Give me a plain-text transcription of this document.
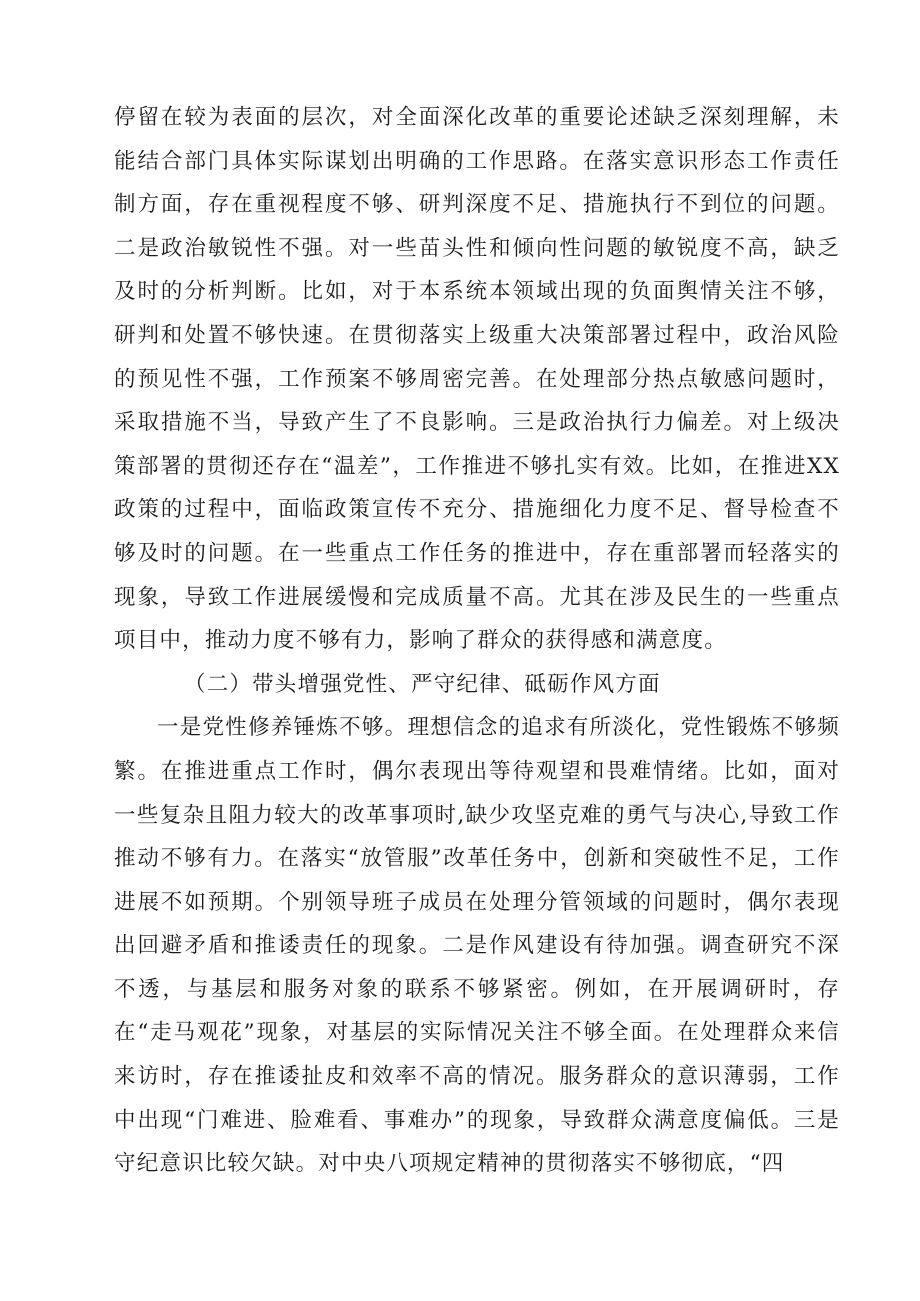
停留在较为表面的层次，对全面深化改革的重要论述缺乏深刻理解，未能结合部门具体实际谋划出明确的工作思路。在落实意识形态工作责任制方面，存在重视程度不够、研判深度不足、措施执行不到位的问题。二是政治敏锐性不强。对一些苗头性和倾向性问题的敏锐度不高，缺乏及时的分析判断。比如，对于本系统本领域出现的负面舆情关注不够，研判和处置不够快速。在贯彻落实上级重大决策部署过程中，政治风险的预见性不强，工作预案不够周密完善。在处理部分热点敏感问题时，采取措施不当，导致产生了不良影响。三是政治执行力偏差。对上级决策部署的贯彻还存在“温差”，工作推进不够扎实有效。比如，在推进XX政策的过程中，面临政策宣传不充分、措施细化力度不足、督导检查不够及时的问题。在一些重点工作任务的推进中，存在重部署而轻落实的现象，导致工作进展缓慢和完成质量不高。尤其在涉及民生的一些重点项目中，推动力度不够有力，影响了群众的获得感和满意度。

（二）带头增强党性、严守纪律、砥砺作风方面

一是党性修养锤炼不够。理想信念的追求有所淡化，党性锻炼不够频繁。在推进重点工作时，偶尔表现出等待观望和畏难情绪。比如，面对一些复杂且阻力较大的改革事项时,缺少攻坚克难的勇气与决心,导致工作推动不够有力。在落实“放管服”改革任务中，创新和突破性不足，工作进展不如预期。个别领导班子成员在处理分管领域的问题时，偶尔表现出回避矛盾和推诿责任的现象。二是作风建设有待加强。调查研究不深不透，与基层和服务对象的联系不够紧密。例如，在开展调研时，存在“走马观花”现象，对基层的实际情况关注不够全面。在处理群众来信来访时，存在推诿扯皮和效率不高的情况。服务群众的意识薄弱，工作中出现“门难进、脸难看、事难办”的现象，导致群众满意度偏低。三是守纪意识比较欠缺。对中央八项规定精神的贯彻落实不够彻底，“四
